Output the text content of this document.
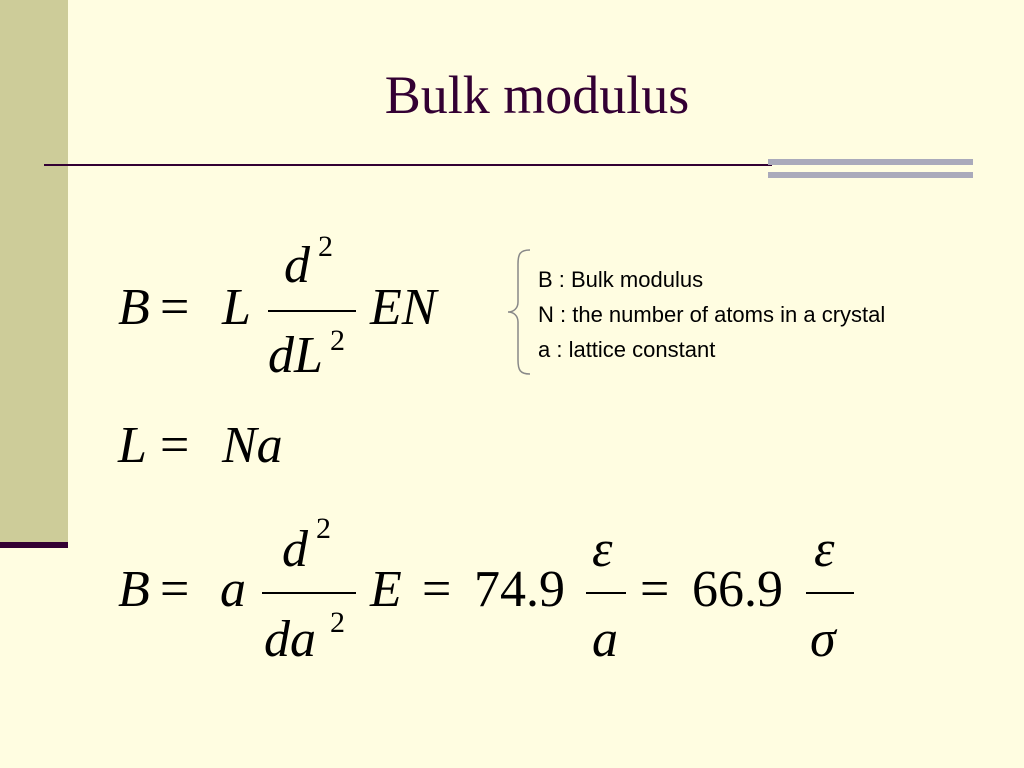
Bulk modulus
B = L
d 2
dL 2
EN
L = Na
B = a
d 2
da 2
E = 74.9
ε
a
= 66.9
ε
σ
B : Bulk modulus
N : the number of atoms in a crystal
a : lattice constant
